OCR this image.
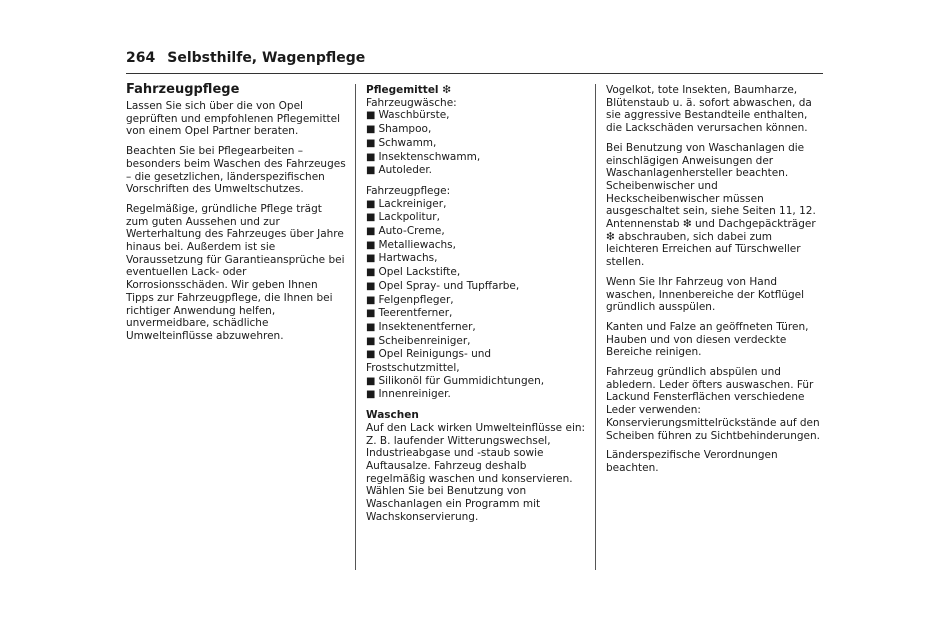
264 Selbsthilfe, Wagenpflege
Fahrzeugpflege

Lassen Sie sich über die von Opel geprüften und empfohlenen Pflegemittel von einem Opel Partner beraten.

Beachten Sie bei Pflegearbeiten – besonders beim Waschen des Fahrzeuges – die gesetzlichen, länderspezifischen Vorschriften des Umweltschutzes.

Regelmäßige, gründliche Pflege trägt zum guten Aussehen und zur Werterhaltung des Fahrzeuges über Jahre hinaus bei. Außerdem ist sie Voraussetzung für Garantieansprüche bei eventuellen Lack- oder Korrosionsschäden. Wir geben Ihnen Tipps zur Fahrzeugpflege, die Ihnen bei richtiger Anwendung helfen, unvermeidbare, schädliche Umwelteinflüsse abzuwehren.

Pflegemittel ❇
Fahrzeugwäsche:
■ Waschbürste,
■ Shampoo,
■ Schwamm,
■ Insektenschwamm,
■ Autoleder.
Fahrzeugpflege:
■ Lackreiniger,
■ Lackpolitur,
■ Auto-Creme,
■ Metalliewachs,
■ Hartwachs,
■ Opel Lackstifte,
■ Opel Spray- und Tupffarbe,
■ Felgenpfleger,
■ Teerentferner,
■ Insektenentferner,
■ Scheibenreiniger,
■ Opel Reinigungs- und Frostschutzmittel,
■ Silikonöl für Gummidichtungen,
■ Innenreiniger.
Waschen

Auf den Lack wirken Umwelteinflüsse ein: Z. B. laufender Witterungswechsel, Industrieabgase und -staub sowie Auftausalze. Fahrzeug deshalb regelmäßig waschen und konservieren. Wählen Sie bei Benutzung von Waschanlagen ein Programm mit Wachskonservierung.

Vogelkot, tote Insekten, Baumharze, Blütenstaub u. ä. sofort abwaschen, da sie aggressive Bestandteile enthalten, die Lackschäden verursachen können.

Bei Benutzung von Waschanlagen die einschlägigen Anweisungen der Waschanlagenhersteller beachten. Scheibenwischer und Heckscheibenwischer müssen ausgeschaltet sein, siehe Seiten 11, 12. Antennenstab ❇ und Dachgepäckträger ❇ abschrauben, sich dabei zum leichteren Erreichen auf Türschweller stellen.

Wenn Sie Ihr Fahrzeug von Hand waschen, Innenbereiche der Kotflügel gründlich ausspülen.

Kanten und Falze an geöffneten Türen, Hauben und von diesen verdeckte Bereiche reinigen.

Fahrzeug gründlich abspülen und abledern. Leder öfters auswaschen. Für Lackund Fensterflächen verschiedene Leder verwenden: Konservierungsmittelrückstände auf den Scheiben führen zu Sichtbehinderungen.

Länderspezifische Verordnungen beachten.
